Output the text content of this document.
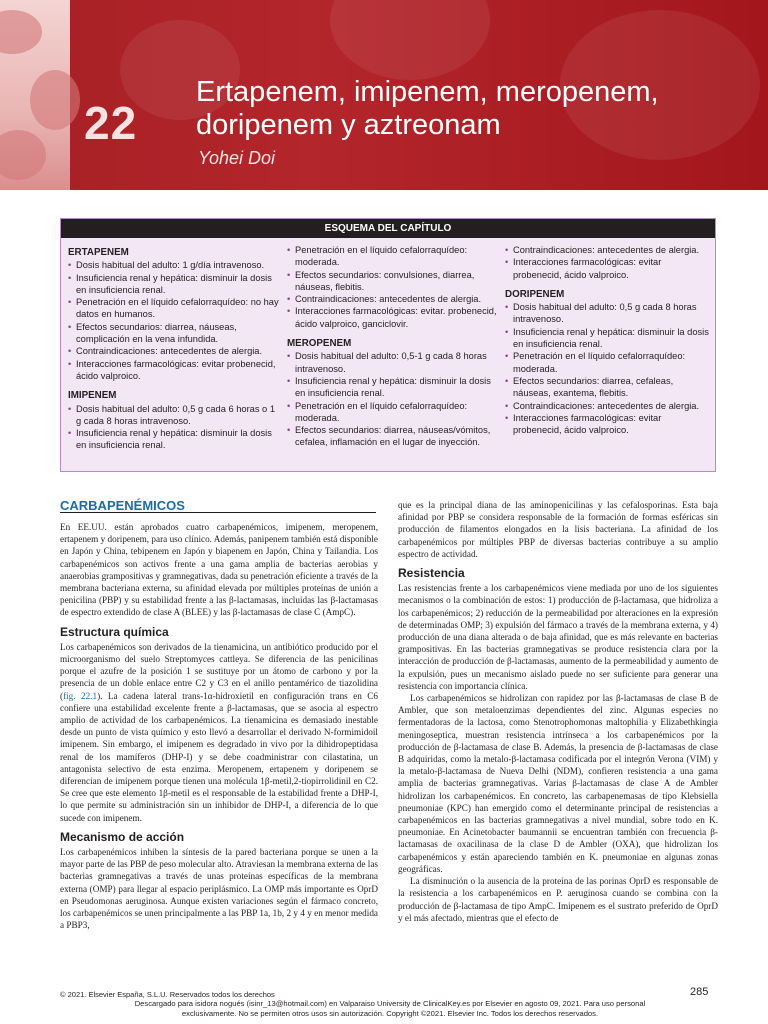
22
Ertapenem, imipenem, meropenem, doripenem y aztreonam
Yohei Doi
ESQUEMA DEL CAPÍTULO
ERTAPENEM
• Dosis habitual del adulto: 1 g/día intravenoso.
• Insuficiencia renal y hepática: disminuir la dosis en insuficiencia renal.
• Penetración en el líquido cefalorraquídeo: no hay datos en humanos.
• Efectos secundarios: diarrea, náuseas, complicación en la vena infundida.
• Contraindicaciones: antecedentes de alergia.
• Interacciones farmacológicas: evitar probenecid, ácido valproico.
IMIPENEM
• Dosis habitual del adulto: 0,5 g cada 6 horas o 1 g cada 8 horas intravenoso.
• Insuficiencia renal y hepática: disminuir la dosis en insuficiencia renal.
• Penetración en el líquido cefalorraquídeo: moderada.
• Efectos secundarios: convulsiones, diarrea, náuseas, flebitis.
• Contraindicaciones: antecedentes de alergia.
• Interacciones farmacológicas: evitar. probenecid, ácido valproico, ganciclovir.
MEROPENEM
• Dosis habitual del adulto: 0,5-1 g cada 8 horas intravenoso.
• Insuficiencia renal y hepática: disminuir la dosis en insuficiencia renal.
• Penetración en el líquido cefalorraquídeo: moderada.
• Efectos secundarios: diarrea, náuseas/vómitos, cefalea, inflamación en el lugar de inyección.
• Contraindicaciones: antecedentes de alergia.
• Interacciones farmacológicas: evitar probenecid, ácido valproico.
DORIPENEM
• Dosis habitual del adulto: 0,5 g cada 8 horas intravenoso.
• Insuficiencia renal y hepática: disminuir la dosis en insuficiencia renal.
• Penetración en el líquido cefalorraquídeo: moderada.
• Efectos secundarios: diarrea, cefaleas, náuseas, exantema, flebitis.
• Contraindicaciones: antecedentes de alergia.
• Interacciones farmacológicas: evitar probenecid, ácido valproico.
CARBAPENÉMICOS

En EE.UU. están aprobados cuatro carbapenémicos, imipenem, meropenem, ertapenem y doripenem, para uso clínico. Además, panipenem también está disponible en Japón y China, tebipenem en Japón y biapenem en Japón, China y Tailandia. Los carbapenémicos son activos frente a una gama amplia de bacterias aerobias y anaerobias grampositivas y gramnegativas, dada su penetración eficiente a través de la membrana bacteriana externa, su afinidad elevada por múltiples proteínas de unión a penicilina (PBP) y su estabilidad frente a las β-lactamasas, incluidas las β-lactamasas de espectro extendido de clase A (BLEE) y las β-lactamasas de clase C (AmpC).

Estructura química

Los carbapenémicos son derivados de la tienamicina, un antibiótico producido por el microorganismo del suelo Streptomyces cattleya. Se diferencia de las penicilinas porque el azufre de la posición 1 se sustituye por un átomo de carbono y por la presencia de un doble enlace entre C2 y C3 en el anillo pentamérico de tiazolidina (fig. 22.1). La cadena lateral trans-1α-hidroxietil en configuración trans en C6 confiere una estabilidad excelente frente a β-lactamasas, que se asocia al espectro amplio de actividad de los carbapenémicos. La tienamicina es demasiado inestable desde un punto de vista químico y esto llevó a desarrollar el derivado N-formimidoil imipenem. Sin embargo, el imipenem es degradado in vivo por la dihidropeptidasa renal de los mamíferos (DHP-I) y se debe coadministrar con cilastatina, un antagonista selectivo de esta enzima. Meropenem, ertapenem y doripenem se diferencian de imipenem porque tienen una molécula 1β-metil,2-tiopirrolidinil en C2. Se cree que este elemento 1β-metil es el responsable de la estabilidad frente a DHP-I, lo que permite su administración sin un inhibidor de DHP-I, a diferencia de lo que sucede con imipenem.

Mecanismo de acción

Los carbapenémicos inhiben la síntesis de la pared bacteriana porque se unen a la mayor parte de las PBP de peso molecular alto. Atraviesan la membrana externa de las bacterias gramnegativas a través de unas proteínas específicas de la membrana externa (OMP) para llegar al espacio periplásmico. La OMP más importante es OprD en Pseudomonas aeruginosa. Aunque existen variaciones según el fármaco concreto, los carbapenémicos se unen principalmente a las PBP 1a, 1b, 2 y 4 y en menor medida a PBP3,

que es la principal diana de las aminopenicilinas y las cefalosporinas. Esta baja afinidad por PBP se considera responsable de la formación de formas esféricas sin producción de filamentos elongados en la lisis bacteriana. La afinidad de los carbapenémicos por múltiples PBP de diversas bacterias contribuye a su amplio espectro de actividad.

Resistencia

Las resistencias frente a los carbapenémicos viene mediada por uno de los siguientes mecanismos o la combinación de estos: 1) producción de β-lactamasa, que hidroliza a los carbapenémicos; 2) reducción de la permeabilidad por alteraciones en la expresión de determinadas OMP; 3) expulsión del fármaco a través de la membrana externa, y 4) producción de una diana alterada o de baja afinidad, que es más relevante en bacterias grampositivas. En las bacterias gramnegativas se produce resistencia clara por la interacción de producción de β-lactamasas, aumento de la permeabilidad y aumento de la expulsión, pues un mecanismo aislado puede no ser suficiente para generar una resistencia con importancia clínica.

Los carbapenémicos se hidrolizan con rapidez por las β-lactamasas de clase B de Ambler, que son metaloenzimas dependientes del zinc. Algunas especies no fermentadoras de la lactosa, como Stenotrophomonas maltophilia y Elizabethkingia meningoseptica, muestran resistencia intrínseca a los carbapenémicos por la producción de β-lactamasa de clase B. Además, la presencia de β-lactamasas de clase B adquiridas, como la metalo-β-lactamasa codificada por el integrón Verona (VIM) y la metalo-β-lactamasa de Nueva Delhi (NDM), confieren resistencia a una gama amplia de bacterias gramnegativas. Varias β-lactamasas de clase A de Ambler hidrolizan los carbapenémicos. En concreto, las carbapenemasas de tipo Klebsiella pneumoniae (KPC) han emergido como el determinante principal de resistencias a carbapenémicos en las bacterias gramnegativas a nivel mundial, sobre todo en K. pneumoniae. En Acinetobacter baumannii se encuentran también con frecuencia β-lactamasas de oxacilinasa de la clase D de Ambler (OXA), que hidrolizan los carbapenémicos y están apareciendo también en K. pneumoniae en algunas zonas geográficas.

La disminución o la ausencia de la proteína de las porinas OprD es responsable de la resistencia a los carbapenémicos en P. aeruginosa cuando se combina con la producción de β-lactamasa de tipo AmpC. Imipenem es el sustrato preferido de OprD y el más afectado, mientras que el efecto de

© 2021. Elsevier España, S.L.U. Reservados todos los derechos	285
Descargado para isidora nogués (isinr_13@hotmail.com) en Valparaiso University de ClinicalKey.es por Elsevier en agosto 09, 2021. Para uso personal exclusivamente. No se permiten otros usos sin autorización. Copyright ©2021. Elsevier Inc. Todos los derechos reservados.
